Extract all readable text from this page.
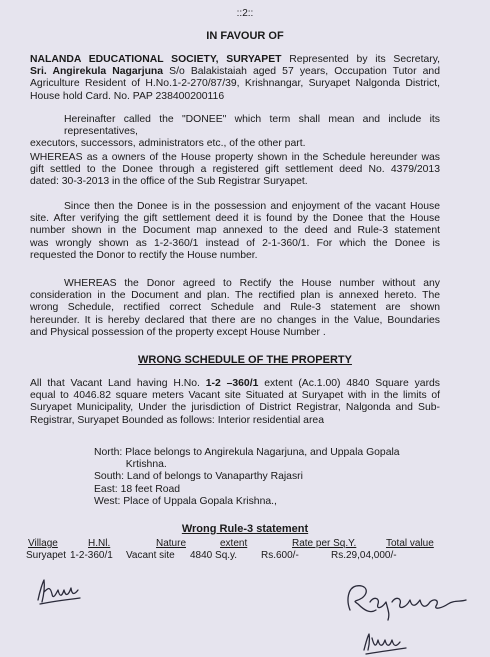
::2::
IN FAVOUR OF
NALANDA EDUCATIONAL SOCIETY, SURYAPET Represented by its Secretary,
Sri. Angirekula Nagarjuna S/o Balakistaiah aged 57 years, Occupation Tutor and
Agriculture Resident of H.No.1-2-270/87/39, Krishnangar, Suryapet Nalgonda District,
House hold Card. No. PAP 238400200116
Hereinafter called the "DONEE" which term shall mean and include its representatives,
executors, successors, administrators etc., of the other part.
WHEREAS as a owners of the House property shown in the Schedule hereunder was
gift settled to the Donee through a registered gift settlement deed No. 4379/2013
dated: 30-3-2013 in the office of the Sub Registrar Suryapet.
Since then the Donee is in the possession and enjoyment of the vacant House
site. After verifying the gift settlement deed it is found by the Donee that the House
number shown in the Document map annexed to the deed and Rule-3 statement
was wrongly shown as 1-2-360/1 instead of 2-1-360/1. For which the Donee is
requested the Donor to rectify the House number.
WHEREAS the Donor agreed to Rectify the House number without any
consideration in the Document and plan. The rectified plan is annexed hereto. The
wrong Schedule, rectified correct Schedule and Rule-3 statement are shown
hereunder. It is hereby declared that there are no changes in the Value, Boundaries
and Physical possession of the property except House Number .
WRONG SCHEDULE OF THE PROPERTY
All that Vacant Land having H.No. 1-2 –360/1 extent (Ac.1.00) 4840 Square yards
equal to 4046.82 square meters Vacant site Situated at Suryapet with in the limits of
Suryapet Municipality, Under the jurisdiction of District Registrar, Nalgonda and Sub-
Registrar, Suryapet Bounded as follows: Interior residential area
North: Place belongs to Angirekula Nagarjuna, and Uppala Gopala
Krtishna.
South: Land of belongs to Vanaparthy Rajasri
East: 18 feet Road
West: Place of Uppala Gopala Krishna.,
Wrong Rule-3 statement
Village	H.Nl.	Nature	extent	Rate per Sq.Y.	Total value
Suryapet 1-2-360/1 Vacant site 4840 Sq.y. Rs.600/-	Rs.29,04,000/-
